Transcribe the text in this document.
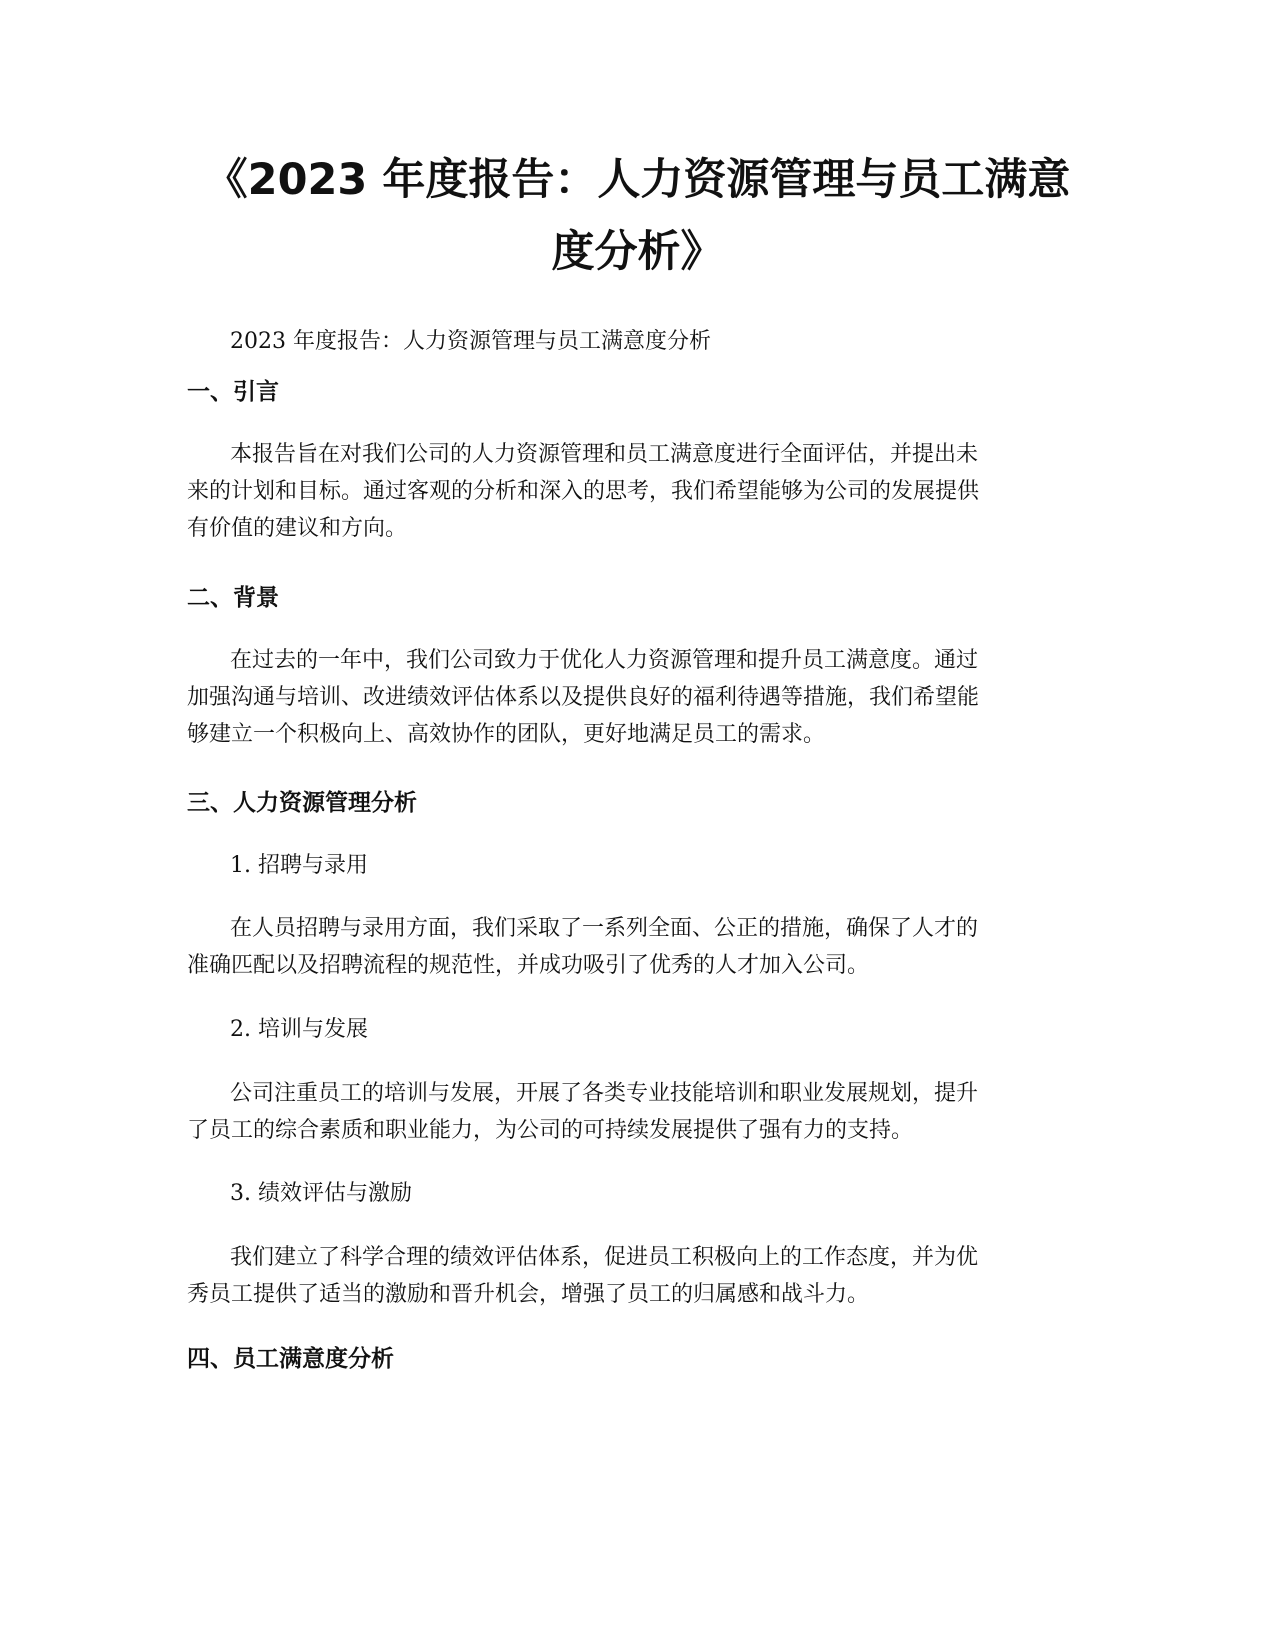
《2023 年度报告：人力资源管理与员工满意
度分析》

2023 年度报告：人力资源管理与员工满意度分析

一、引言
本报告旨在对我们公司的人力资源管理和员工满意度进行全面评估，并提出未
来的计划和目标。通过客观的分析和深入的思考，我们希望能够为公司的发展提供
有价值的建议和方向。
二、背景
在过去的一年中，我们公司致力于优化人力资源管理和提升员工满意度。通过
加强沟通与培训、改进绩效评估体系以及提供良好的福利待遇等措施，我们希望能
够建立一个积极向上、高效协作的团队，更好地满足员工的需求。
三、人力资源管理分析

1. 招聘与录用

在人员招聘与录用方面，我们采取了一系列全面、公正的措施，确保了人才的
准确匹配以及招聘流程的规范性，并成功吸引了优秀的人才加入公司。

2. 培训与发展

公司注重员工的培训与发展，开展了各类专业技能培训和职业发展规划，提升
了员工的综合素质和职业能力，为公司的可持续发展提供了强有力的支持。

3. 绩效评估与激励

我们建立了科学合理的绩效评估体系，促进员工积极向上的工作态度，并为优
秀员工提供了适当的激励和晋升机会，增强了员工的归属感和战斗力。
四、员工满意度分析
